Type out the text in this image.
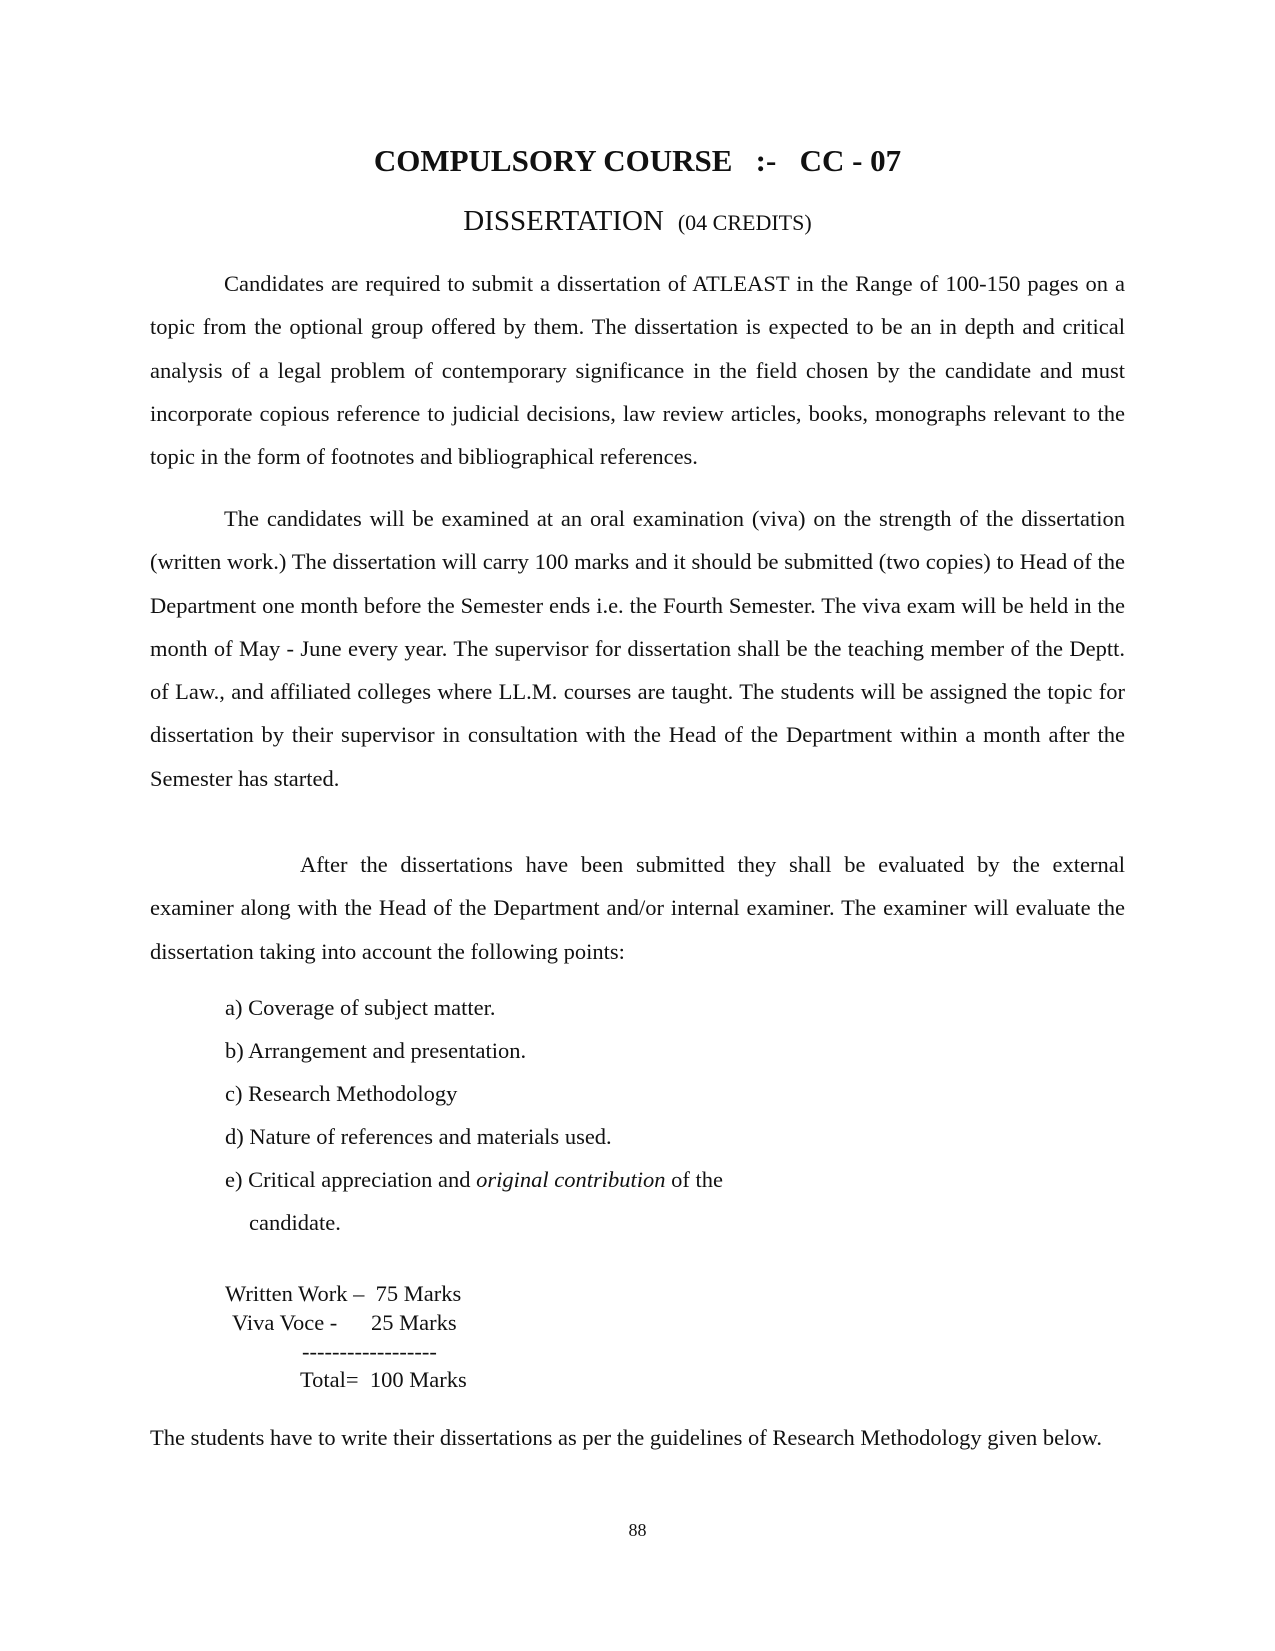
COMPULSORY COURSE   :-   CC - 07
DISSERTATION (04 CREDITS)

Candidates are required to submit a dissertation of ATLEAST in the Range of 100-150 pages on a topic from the optional group offered by them. The dissertation is expected to be an in depth and critical analysis of a legal problem of contemporary significance in the field chosen by the candidate and must incorporate copious reference to judicial decisions, law review articles, books, monographs relevant to the topic in the form of footnotes and bibliographical references.

The candidates will be examined at an oral examination (viva) on the strength of the dissertation (written work.) The dissertation will carry 100 marks and it should be submitted (two copies) to Head of the Department one month before the Semester ends i.e. the Fourth Semester. The viva exam will be held in the month of May - June every year. The supervisor for dissertation shall be the teaching member of the Deptt. of Law., and affiliated colleges where LL.M. courses are taught. The students will be assigned the topic for dissertation by their supervisor in consultation with the Head of the Department within a month after the Semester has started.

After the dissertations have been submitted they shall be evaluated by the external examiner along with the Head of the Department and/or internal examiner. The examiner will evaluate the dissertation taking into account the following points:

a) Coverage of subject matter.
b) Arrangement and presentation.
c) Research Methodology
d) Nature of references and materials used.
e) Critical appreciation and original contribution of the
candidate.
Written Work –  75 Marks
Viva Voce -      25 Marks
------------------
Total=  100 Marks

The students have to write their dissertations as per the guidelines of Research Methodology given below.

88
